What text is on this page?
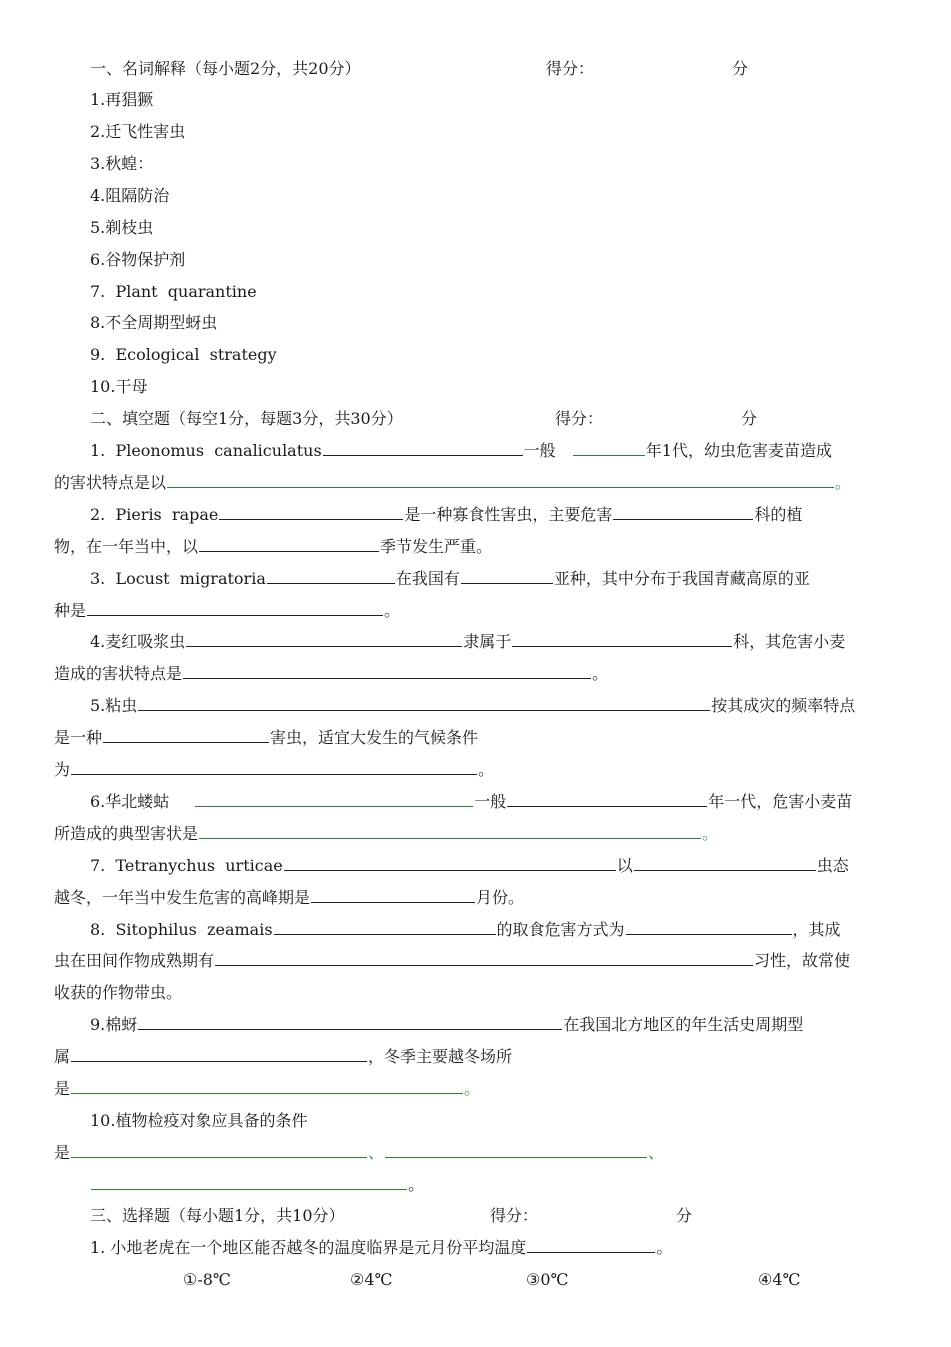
一、名词解释（每小题2分，共20分）	得分：	分
1.再猖獗
2.迁飞性害虫
3.秋蝗：
4.阻隔防治
5.剃枝虫
6.谷物保护剂
7.  Plant  quarantine
8.不全周期型蚜虫
9.  Ecological  strategy
10.干母
二、填空题（每空1分，每题3分，共30分）	得分：	分
1.  Pleonomus  canaliculatus	一般	年1代，幼虫危害麦苗造成
的害状特点是以	。
2.  Pieris  rapae	是一种寡食性害虫，主要危害	科的植
物，在一年当中，以	季节发生严重。
3.  Locust  migratoria	在我国有	亚种，其中分布于我国青藏高原的亚
种是	。
4.麦红吸浆虫	隶属于	科，其危害小麦
造成的害状特点是	。
5.粘虫	按其成灾的频率特点
是一种	害虫，适宜大发生的气候条件
为	。
6.华北蝼蛄	一般	年一代，危害小麦苗
所造成的典型害状是	。
7.  Tetranychus  urticae	以	虫态
越冬，一年当中发生危害的高峰期是	月份。
8.  Sitophilus  zeamais	的取食危害方式为	，其成
虫在田间作物成熟期有	习性，故常使
收获的作物带虫。
9.棉蚜	在我国北方地区的年生活史周期型
属	，冬季主要越冬场所
是	。
10.植物检疫对象应具备的条件
是	、	、
。
三、选择题（每小题1分，共10分）	得分：	分
1. 小地老虎在一个地区能否越冬的温度临界是元月份平均温度	。
①-8℃	②4℃	③0℃	④4℃
